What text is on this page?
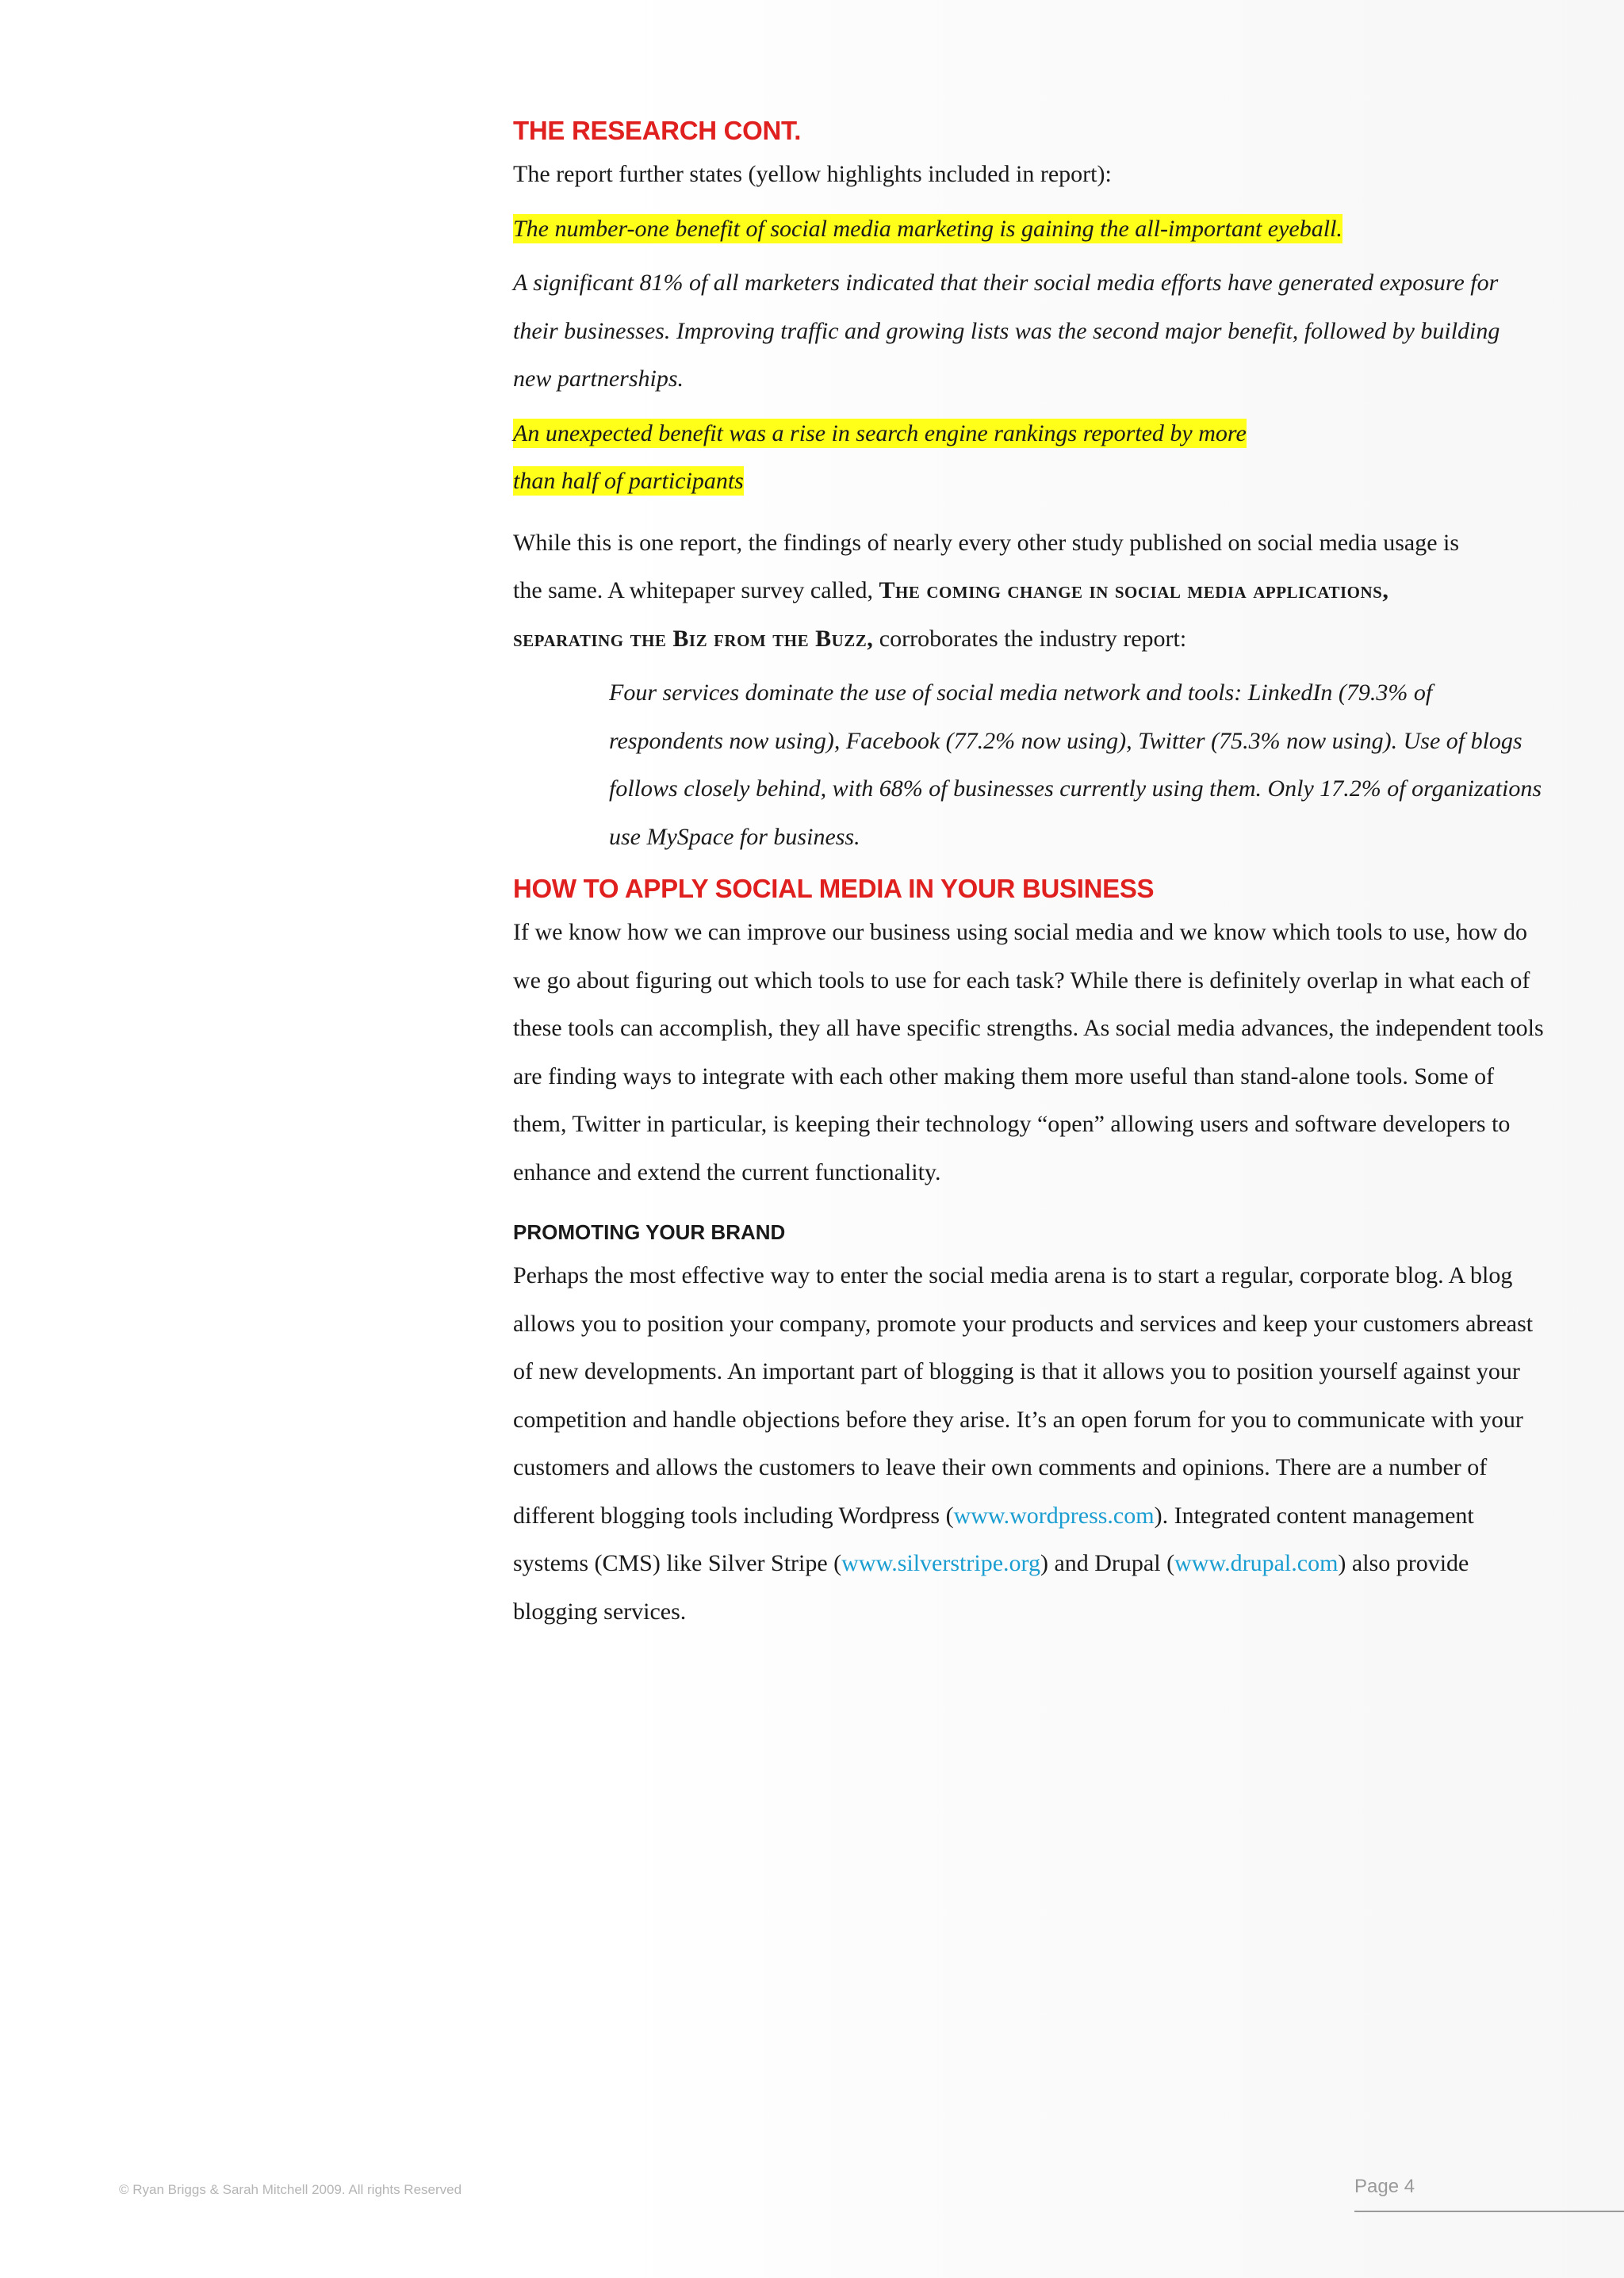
THE RESEARCH CONT.

The report further states (yellow highlights included in report):

The number-one benefit of social media marketing is gaining the all-important eyeball.

A significant 81% of all marketers indicated that their social media efforts have generated exposure for their businesses. Improving traffic and growing lists was the second major benefit, followed by building new partnerships.

An unexpected benefit was a rise in search engine rankings reported by more
than half of participants

While this is one report, the findings of nearly every other study published on social media usage is the same. A whitepaper survey called, The coming change in social media applications, separating the Biz from the Buzz, corroborates the industry report:

Four services dominate the use of social media network and tools: LinkedIn (79.3% of respondents now using), Facebook (77.2% now using), Twitter (75.3% now using). Use of blogs follows closely behind, with 68% of businesses currently using them. Only 17.2% of organizations use MySpace for business.

HOW TO APPLY SOCIAL MEDIA IN YOUR BUSINESS

If we know how we can improve our business using social media and we know which tools to use, how do we go about figuring out which tools to use for each task? While there is definitely overlap in what each of these tools can accomplish, they all have specific strengths. As social media advances, the independent tools are finding ways to integrate with each other making them more useful than stand-alone tools. Some of them, Twitter in particular, is keeping their technology “open” allowing users and software developers to enhance and extend the current functionality.

PROMOTING YOUR BRAND

Perhaps the most effective way to enter the social media arena is to start a regular, corporate blog. A blog allows you to position your company, promote your products and services and keep your customers abreast of new developments. An important part of blogging is that it allows you to position yourself against your competition and handle objections before they arise. It’s an open forum for you to communicate with your customers and allows the customers to leave their own comments and opinions. There are a number of different blogging tools including Wordpress (www.wordpress.com). Integrated content management systems (CMS) like Silver Stripe (www.silverstripe.org) and Drupal (www.drupal.com) also provide blogging services.

© Ryan Briggs & Sarah Mitchell 2009. All rights Reserved	Page 4
